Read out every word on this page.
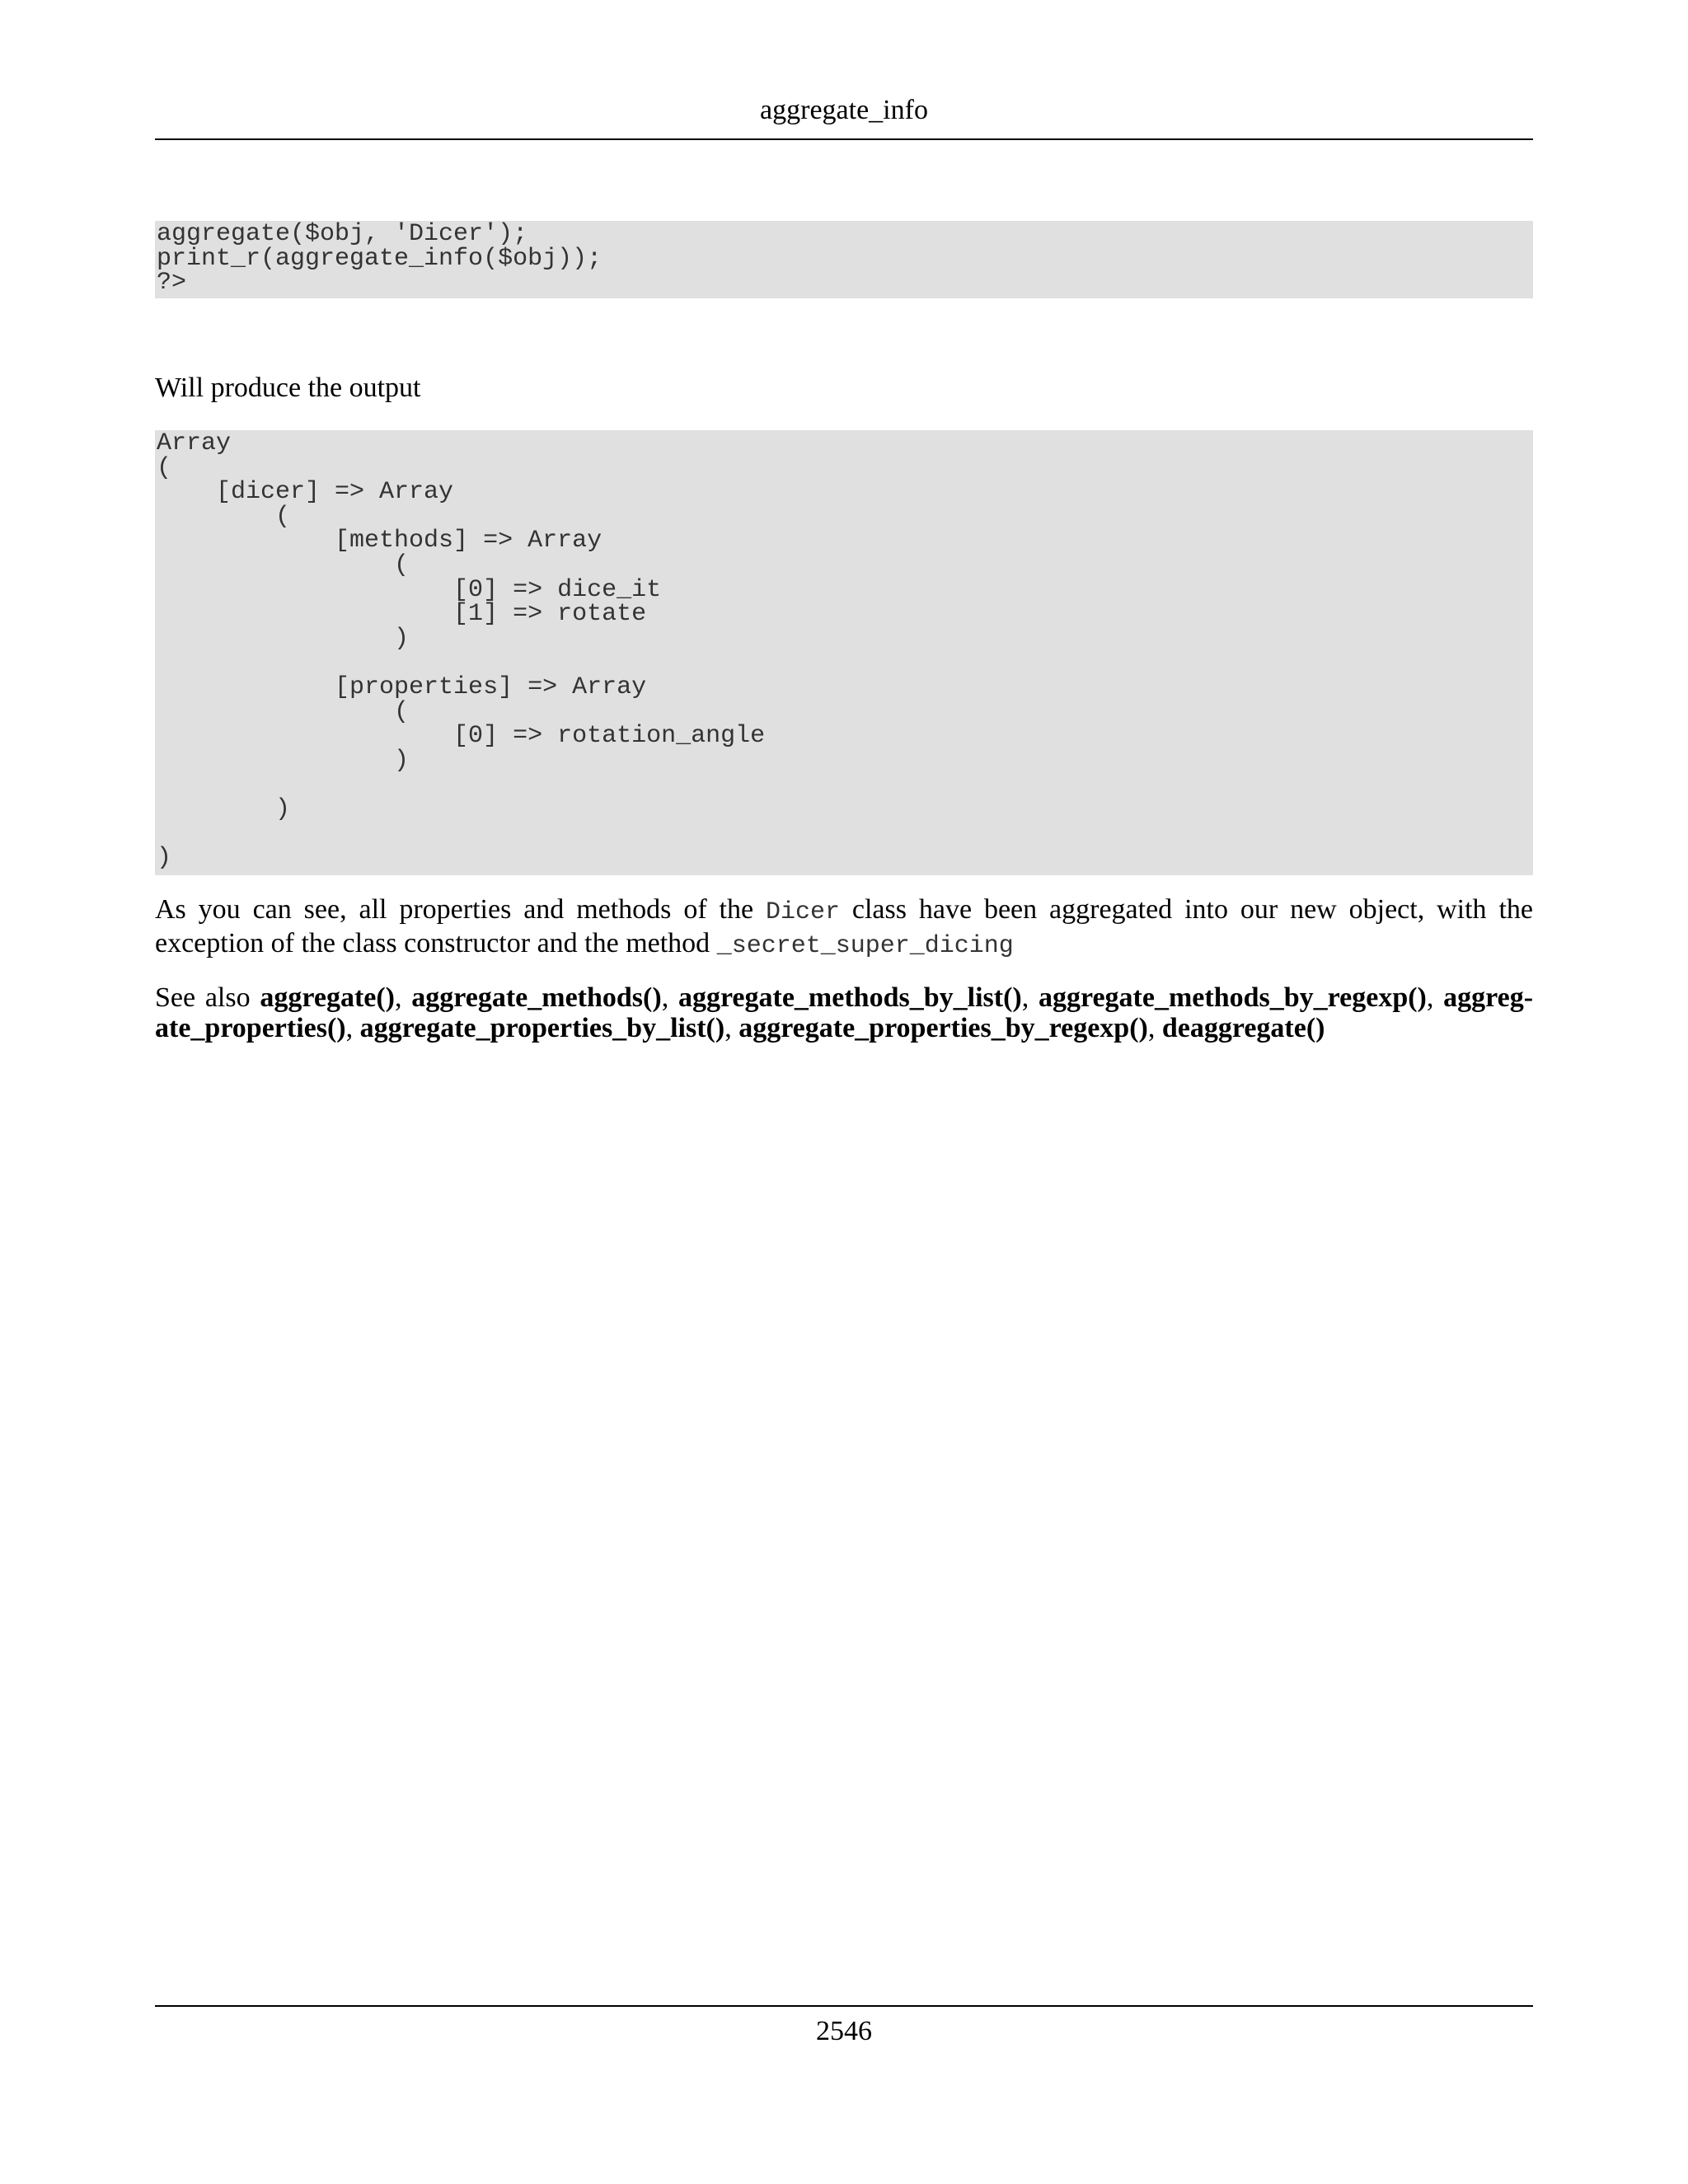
aggregate_info
aggregate($obj, 'Dicer');
print_r(aggregate_info($obj));
?>

Will produce the output

Array
(
[dicer] => Array
(
[methods] => Array
(
[0] => dice_it
[1] => rotate
)

[properties] => Array
(
[0] => rotation_angle
)

)

)

As you can see, all properties and methods of the Dicer class have been aggregated into our new object, with the exception of the class constructor and the method _secret_super_dicing

See also aggregate(), aggregate_methods(), aggregate_methods_by_list(), aggregate_methods_by_regexp(), aggregate_properties(), aggregate_properties_by_list(), aggregate_properties_by_regexp(), deaggregate()

2546
